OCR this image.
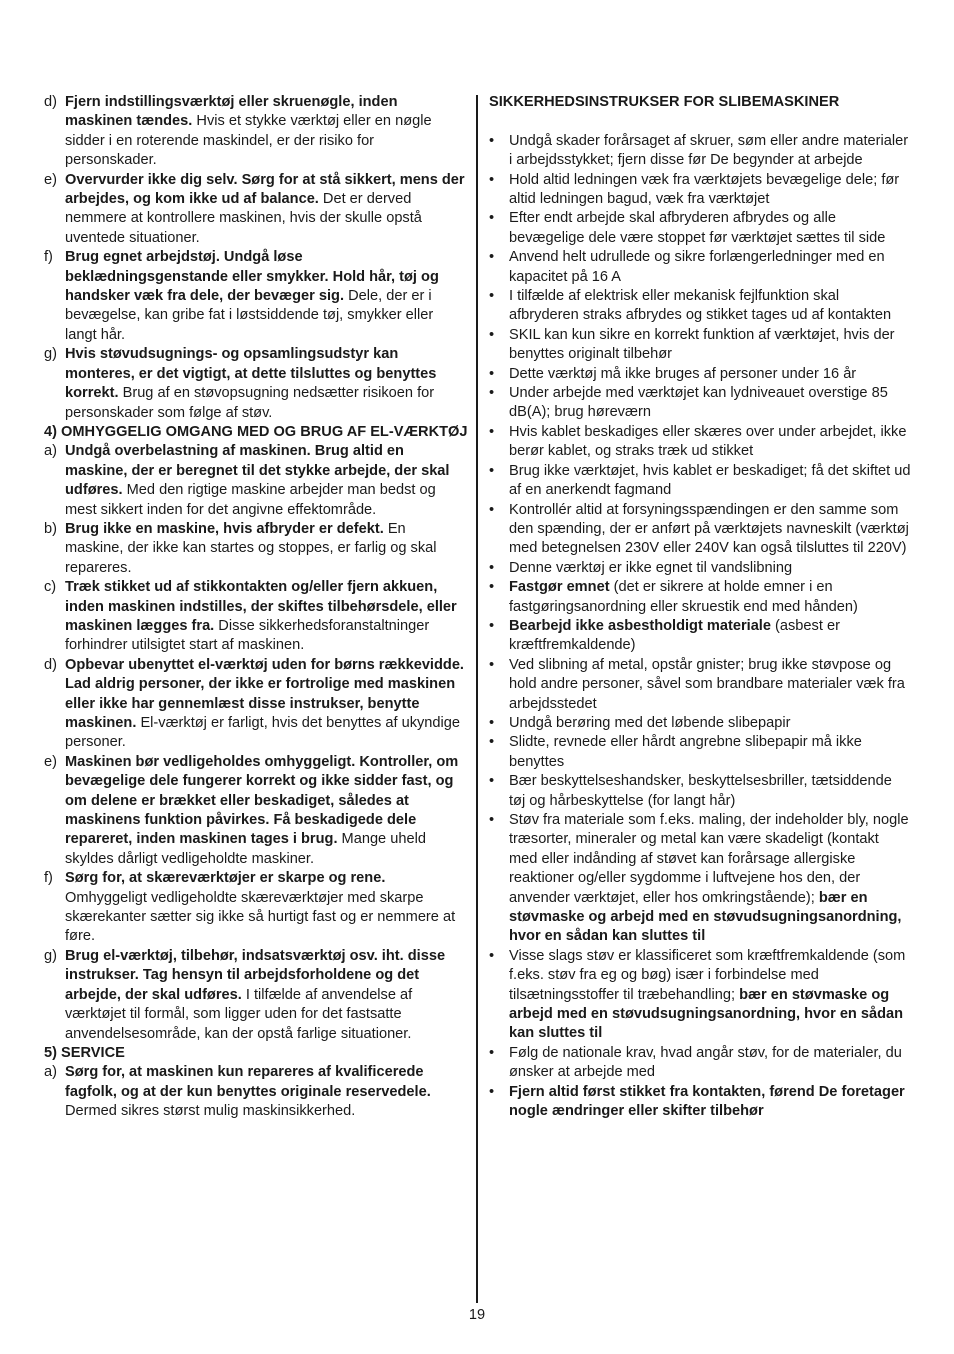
d) Fjern indstillingsværktøj eller skruenøgle, inden maskinen tændes. Hvis et stykke værktøj eller en nøgle sidder i en roterende maskindel, er der risiko for personskader.
e) Overvurder ikke dig selv. Sørg for at stå sikkert, mens der arbejdes, og kom ikke ud af balance. Det er derved nemmere at kontrollere maskinen, hvis der skulle opstå uventede situationer.
f) Brug egnet arbejdstøj. Undgå løse beklædningsgenstande eller smykker. Hold hår, tøj og handsker væk fra dele, der bevæger sig. Dele, der er i bevægelse, kan gribe fat i løstsiddende tøj, smykker eller langt hår.
g) Hvis støvudsugnings- og opsamlingsudstyr kan monteres, er det vigtigt, at dette tilsluttes og benyttes korrekt. Brug af en støvopsugning nedsætter risikoen for personskader som følge af støv.
4) OMHYGGELIG OMGANG MED OG BRUG AF EL-VÆRKTØJ
a) Undgå overbelastning af maskinen. Brug altid en maskine, der er beregnet til det stykke arbejde, der skal udføres. Med den rigtige maskine arbejder man bedst og mest sikkert inden for det angivne effektområde.
b) Brug ikke en maskine, hvis afbryder er defekt. En maskine, der ikke kan startes og stoppes, er farlig og skal repareres.
c) Træk stikket ud af stikkontakten og/eller fjern akkuen, inden maskinen indstilles, der skiftes tilbehørsdele, eller maskinen lægges fra. Disse sikkerhedsforanstaltninger forhindrer utilsigtet start af maskinen.
d) Opbevar ubenyttet el-værktøj uden for børns rækkevidde. Lad aldrig personer, der ikke er fortrolige med maskinen eller ikke har gennemlæst disse instrukser, benytte maskinen. El-værktøj er farligt, hvis det benyttes af ukyndige personer.
e) Maskinen bør vedligeholdes omhyggeligt. Kontroller, om bevægelige dele fungerer korrekt og ikke sidder fast, og om delene er brækket eller beskadiget, således at maskinens funktion påvirkes. Få beskadigede dele repareret, inden maskinen tages i brug. Mange uheld skyldes dårligt vedligeholdte maskiner.
f) Sørg for, at skæreværktøjer er skarpe og rene. Omhyggeligt vedligeholdte skæreværktøjer med skarpe skærekanter sætter sig ikke så hurtigt fast og er nemmere at føre.
g) Brug el-værktøj, tilbehør, indsatsværktøj osv. iht. disse instrukser. Tag hensyn til arbejdsforholdene og det arbejde, der skal udføres. I tilfælde af anvendelse af værktøjet til formål, som ligger uden for det fastsatte anvendelsesområde, kan der opstå farlige situationer.
5) SERVICE
a) Sørg for, at maskinen kun repareres af kvalificerede fagfolk, og at der kun benyttes originale reservedele. Dermed sikres størst mulig maskinsikkerhed.
SIKKERHEDSINSTRUKSER FOR SLIBEMASKINER
• Undgå skader forårsaget af skruer, søm eller andre materialer i arbejdsstykket; fjern disse før De begynder at arbejde
• Hold altid ledningen væk fra værktøjets bevægelige dele; før altid ledningen bagud, væk fra værktøjet
• Efter endt arbejde skal afbryderen afbrydes og alle bevægelige dele være stoppet før værktøjet sættes til side
• Anvend helt udrullede og sikre forlængerledninger med en kapacitet på 16 A
• I tilfælde af elektrisk eller mekanisk fejlfunktion skal afbryderen straks afbrydes og stikket tages ud af kontakten
• SKIL kan kun sikre en korrekt funktion af værktøjet, hvis der benyttes originalt tilbehør
• Dette værktøj må ikke bruges af personer under 16 år
• Under arbejde med værktøjet kan lydniveauet overstige 85 dB(A); brug høreværn
• Hvis kablet beskadiges eller skæres over under arbejdet, ikke berør kablet, og straks træk ud stikket
• Brug ikke værktøjet, hvis kablet er beskadiget; få det skiftet ud af en anerkendt fagmand
• Kontrollér altid at forsyningsspændingen er den samme som den spænding, der er anført på værktøjets navneskilt (værktøj med betegnelsen 230V eller 240V kan også tilsluttes til 220V)
• Denne værktøj er ikke egnet til vandslibning
• Fastgør emnet (det er sikrere at holde emner i en fastgøringsanordning eller skruestik end med hånden)
• Bearbejd ikke asbestholdigt materiale (asbest er kræftfremkaldende)
• Ved slibning af metal, opstår gnister; brug ikke støvpose og hold andre personer, såvel som brandbare materialer væk fra arbejdsstedet
• Undgå berøring med det løbende slibepapir
• Slidte, revnede eller hårdt angrebne slibepapir må ikke benyttes
• Bær beskyttelseshandsker, beskyttelsesbriller, tætsiddende tøj og hårbeskyttelse (for langt hår)
• Støv fra materiale som f.eks. maling, der indeholder bly, nogle træsorter, mineraler og metal kan være skadeligt (kontakt med eller indånding af støvet kan forårsage allergiske reaktioner og/eller sygdomme i luftvejene hos den, der anvender værktøjet, eller hos omkringstående); bær en støvmaske og arbejd med en støvudsugningsanordning, hvor en sådan kan sluttes til
• Visse slags støv er klassificeret som kræftfremkaldende (som f.eks. støv fra eg og bøg) især i forbindelse med tilsætningsstoffer til træbehandling; bær en støvmaske og arbejd med en støvudsugningsanordning, hvor en sådan kan sluttes til
• Følg de nationale krav, hvad angår støv, for de materialer, du ønsker at arbejde med
• Fjern altid først stikket fra kontakten, førend De foretager nogle ændringer eller skifter tilbehør
19
